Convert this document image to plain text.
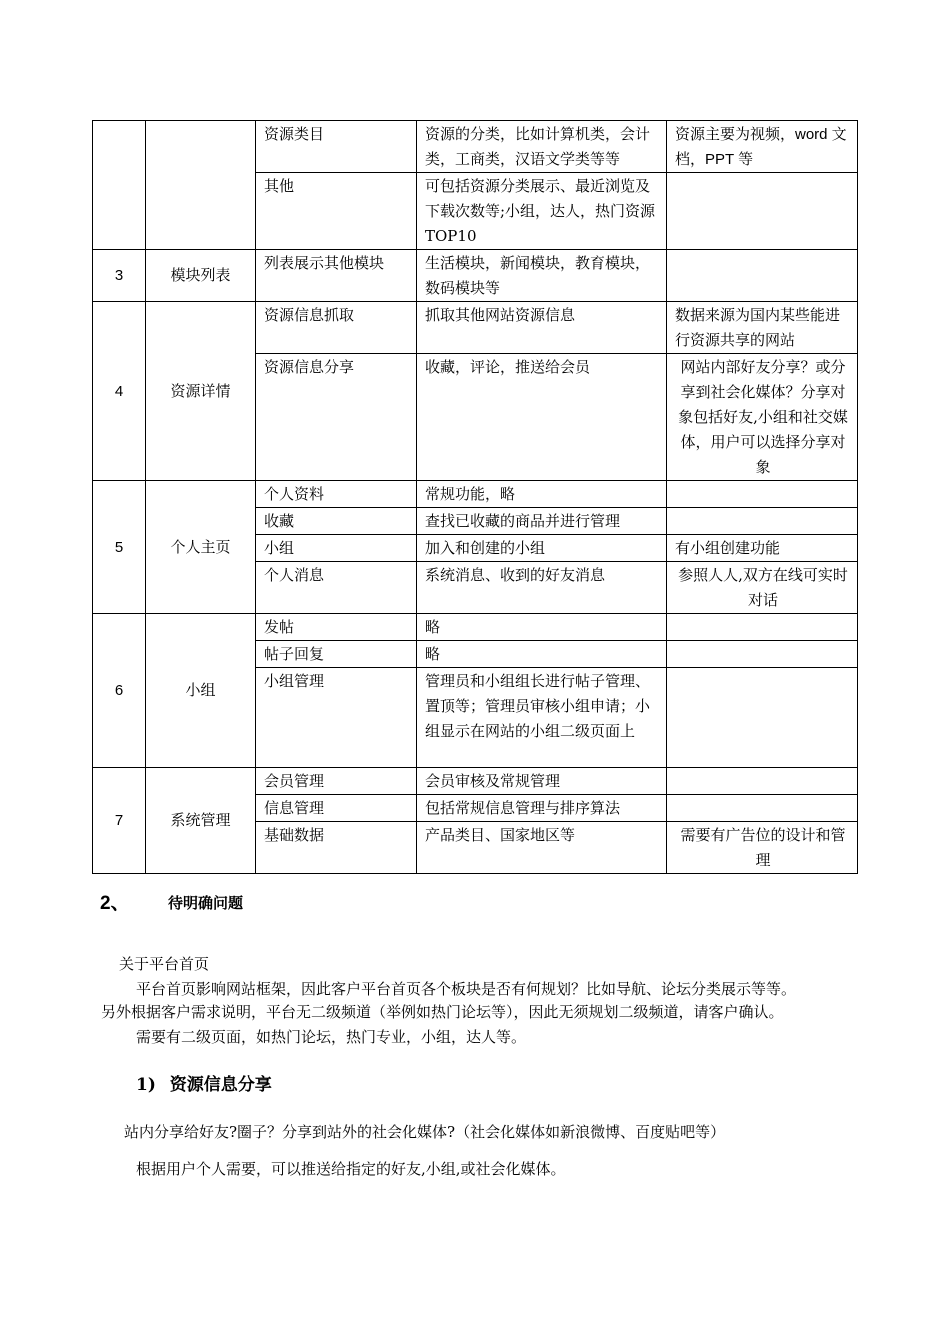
		资源类目	资源的分类，比如计算机类，会计类，工商类，汉语文学类等等	资源主要为视频，word 文档，PPT 等
		其他	可包括资源分类展示、最近浏览及下载次数等;小组，达人，热门资源 TOP10	
3	模块列表	列表展示其他模块	生活模块，新闻模块，教育模块，数码模块等	
4	资源详情	资源信息抓取	抓取其他网站资源信息	数据来源为国内某些能进行资源共享的网站
		资源信息分享	收藏，评论，推送给会员	网站内部好友分享？或分享到社会化媒体？分享对象包括好友,小组和社交媒体，用户可以选择分享对象
5	个人主页	个人资料	常规功能，略	
		收藏	查找已收藏的商品并进行管理	
		小组	加入和创建的小组	有小组创建功能
		个人消息	系统消息、收到的好友消息	参照人人,双方在线可实时对话
6	小组	发帖	略	
		帖子回复	略	
		小组管理	管理员和小组组长进行帖子管理、置顶等；管理员审核小组申请；小组显示在网站的小组二级页面上	
7	系统管理	会员管理	会员审核及常规管理	
		信息管理	包括常规信息管理与排序算法	
		基础数据	产品类目、国家地区等	需要有广告位的设计和管理
2、	待明确问题
关于平台首页
平台首页影响网站框架，因此客户平台首页各个板块是否有何规划？比如导航、论坛分类展示等等。
另外根据客户需求说明，平台无二级频道（举例如热门论坛等），因此无须规划二级频道，请客户确认。
需要有二级页面，如热门论坛，热门专业，小组，达人等。
1) 资源信息分享
站内分享给好友?圈子？分享到站外的社会化媒体?（社会化媒体如新浪微博、百度贴吧等）
根据用户个人需要，可以推送给指定的好友,小组,或社会化媒体。
